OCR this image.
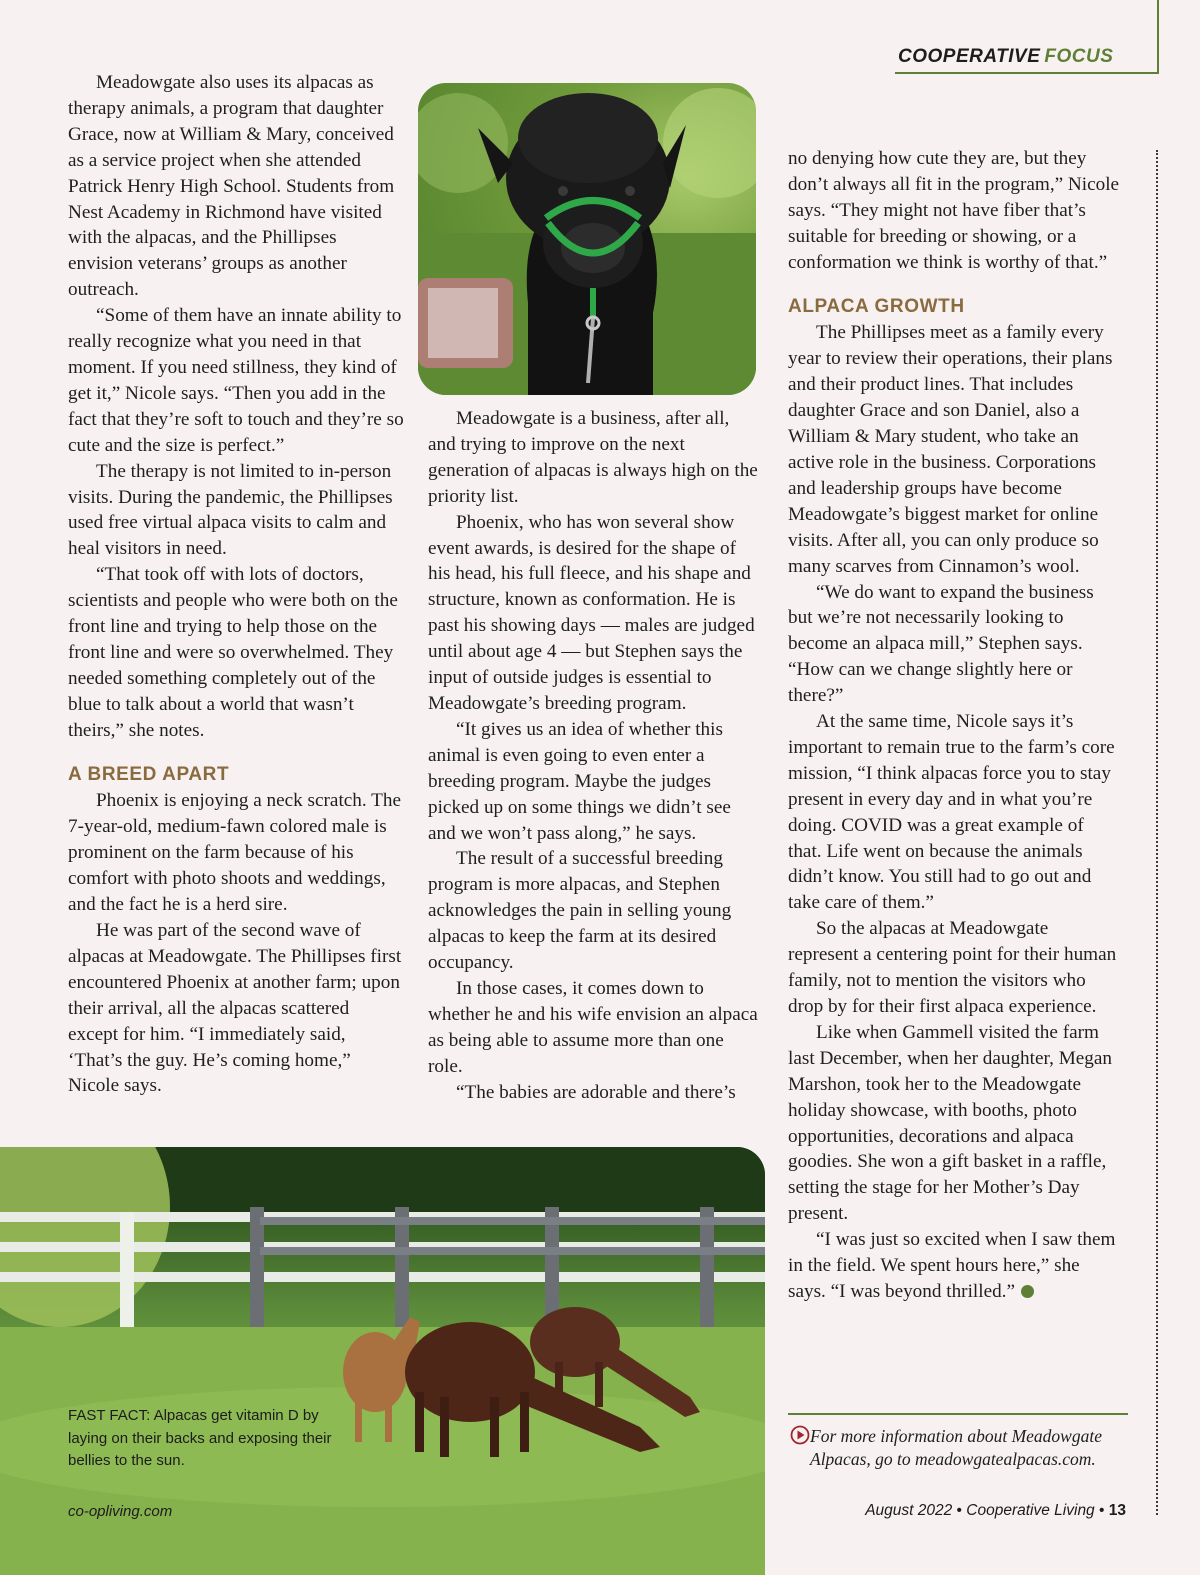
COOPERATIVE FOCUS

Meadowgate also uses its alpacas as therapy animals, a program that daughter Grace, now at William & Mary, conceived as a service project when she attended Patrick Henry High School. Students from Nest Academy in Richmond have visited with the alpacas, and the Phillipses envision veterans’ groups as another outreach.

“Some of them have an innate ability to really recognize what you need in that moment. If you need stillness, they kind of get it,” Nicole says. “Then you add in the fact that they’re soft to touch and they’re so cute and the size is perfect.”

The therapy is not limited to in-person visits. During the pandemic, the Phillipses used free virtual alpaca visits to calm and heal visitors in need.

“That took off with lots of doctors, scientists and people who were both on the front line and trying to help those on the front line and were so overwhelmed. They needed something completely out of the blue to talk about a world that wasn’t theirs,” she notes.

A BREED APART

Phoenix is enjoying a neck scratch. The 7-year-old, medium-fawn colored male is prominent on the farm because of his comfort with photo shoots and weddings, and the fact he is a herd sire.

He was part of the second wave of alpacas at Meadowgate. The Phillipses first encountered Phoenix at another farm; upon their arrival, all the alpacas scattered except for him. “I immediately said, ‘That’s the guy. He’s coming home,” Nicole says.

Meadowgate is a business, after all, and trying to improve on the next generation of alpacas is always high on the priority list.

Phoenix, who has won several show event awards, is desired for the shape of his head, his full fleece, and his shape and structure, known as conformation. He is past his showing days — males are judged until about age 4 — but Stephen says the input of outside judges is essential to Meadowgate’s breeding program.

“It gives us an idea of whether this animal is even going to even enter a breeding program. Maybe the judges picked up on some things we didn’t see and we won’t pass along,” he says.

The result of a successful breeding program is more alpacas, and Stephen acknowledges the pain in selling young alpacas to keep the farm at its desired occupancy.

In those cases, it comes down to whether he and his wife envision an alpaca as being able to assume more than one role.

“The babies are adorable and there’s

no denying how cute they are, but they don’t always all fit in the program,” Nicole says. “They might not have fiber that’s suitable for breeding or showing, or a conformation we think is worthy of that.”

ALPACA GROWTH

The Phillipses meet as a family every year to review their operations, their plans and their product lines. That includes daughter Grace and son Daniel, also a William & Mary student, who take an active role in the business. Corporations and leadership groups have become Meadowgate’s biggest market for online visits. After all, you can only produce so many scarves from Cinnamon’s wool.

“We do want to expand the business but we’re not necessarily looking to become an alpaca mill,” Stephen says. “How can we change slightly here or there?”

At the same time, Nicole says it’s important to remain true to the farm’s core mission, “I think alpacas force you to stay present in every day and in what you’re doing. COVID was a great example of that. Life went on because the animals didn’t know. You still had to go out and take care of them.”

So the alpacas at Meadowgate represent a centering point for their human family, not to mention the visitors who drop by for their first alpaca experience.

Like when Gammell visited the farm last December, when her daughter, Megan Marshon, took her to the Meadowgate holiday showcase, with booths, photo opportunities, decorations and alpaca goodies. She won a gift basket in a raffle, setting the stage for her Mother’s Day present.

“I was just so excited when I saw them in the field. We spent hours here,” she says. “I was beyond thrilled.”

FAST FACT: Alpacas get vitamin D by laying on their backs and exposing their bellies to the sun.
For more information about Meadowgate Alpacas, go to meadowgatealpacas.com.
co-opliving.com	August 2022 • Cooperative Living • 13
